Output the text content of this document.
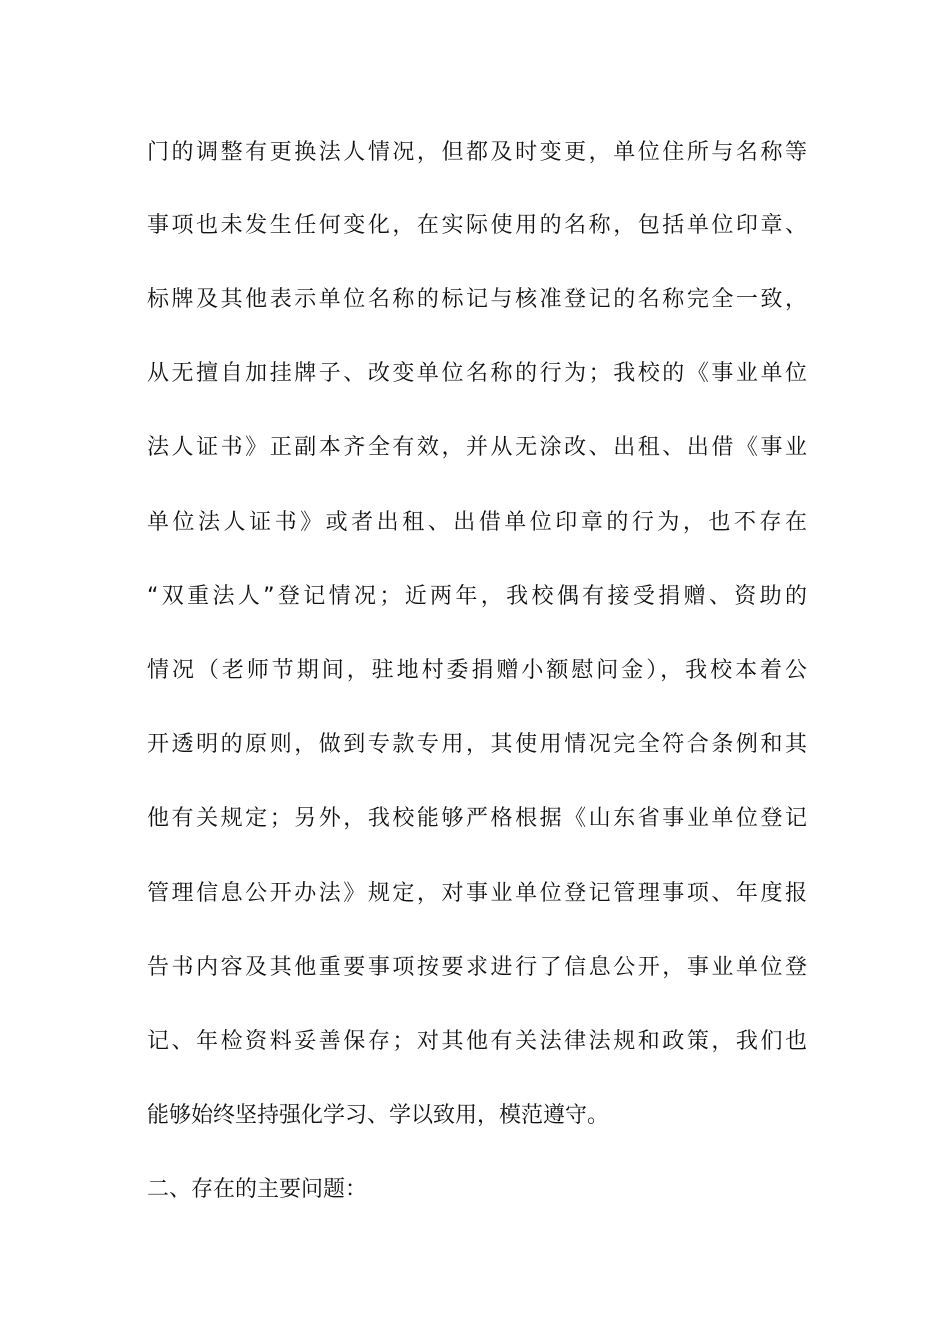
门的调整有更换法人情况，但都及时变更，单位住所与名称等
事项也未发生任何变化，在实际使用的名称，包括单位印章、
标牌及其他表示单位名称的标记与核准登记的名称完全一致，
从无擅自加挂牌子、改变单位名称的行为；我校的《事业单位
法人证书》正副本齐全有效，并从无涂改、出租、出借《事业
单位法人证书》或者出租、出借单位印章的行为，也不存在
“双重法人”登记情况；近两年，我校偶有接受捐赠、资助的
情况（老师节期间，驻地村委捐赠小额慰问金），我校本着公
开透明的原则，做到专款专用，其使用情况完全符合条例和其
他有关规定；另外，我校能够严格根据《山东省事业单位登记
管理信息公开办法》规定，对事业单位登记管理事项、年度报
告书内容及其他重要事项按要求进行了信息公开，事业单位登
记、年检资料妥善保存；对其他有关法律法规和政策，我们也
能够始终坚持强化学习、学以致用，模范遵守。
二、存在的主要问题：
